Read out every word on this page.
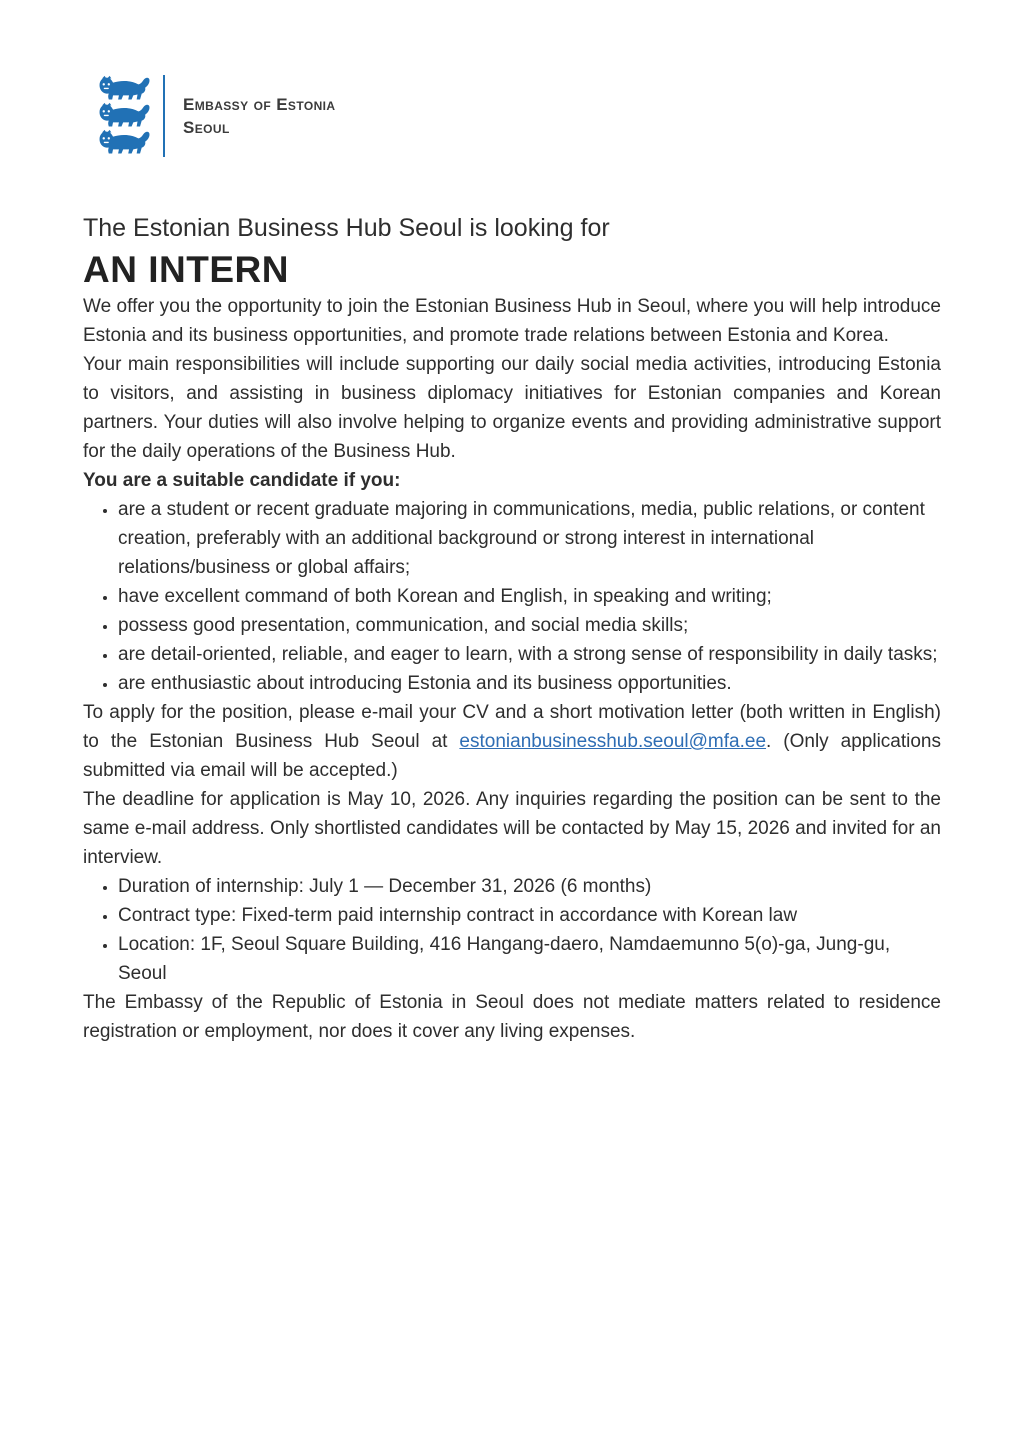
Embassy of Estonia
Seoul

The Estonian Business Hub Seoul is looking for

AN INTERN

We offer you the opportunity to join the Estonian Business Hub in Seoul, where you will help introduce Estonia and its business opportunities, and promote trade relations between Estonia and Korea.

Your main responsibilities will include supporting our daily social media activities, introducing Estonia to visitors, and assisting in business diplomacy initiatives for Estonian companies and Korean partners. Your duties will also involve helping to organize events and providing administrative support for the daily operations of the Business Hub.

You are a suitable candidate if you:

• are a student or recent graduate majoring in communications, media, public relations, or content creation, preferably with an additional background or strong interest in international relations/business or global affairs;
• have excellent command of both Korean and English, in speaking and writing;
• possess good presentation, communication, and social media skills;
• are detail-oriented, reliable, and eager to learn, with a strong sense of responsibility in daily tasks;
• are enthusiastic about introducing Estonia and its business opportunities.

To apply for the position, please e-mail your CV and a short motivation letter (both written in English) to the Estonian Business Hub Seoul at estonianbusinesshub.seoul@mfa.ee. (Only applications submitted via email will be accepted.)

The deadline for application is May 10, 2026. Any inquiries regarding the position can be sent to the same e-mail address. Only shortlisted candidates will be contacted by May 15, 2026 and invited for an interview.

• Duration of internship: July 1 — December 31, 2026 (6 months)
• Contract type: Fixed-term paid internship contract in accordance with Korean law
• Location: 1F, Seoul Square Building, 416 Hangang-daero, Namdaemunno 5(o)-ga, Jung-gu, Seoul

The Embassy of the Republic of Estonia in Seoul does not mediate matters related to residence registration or employment, nor does it cover any living expenses.
